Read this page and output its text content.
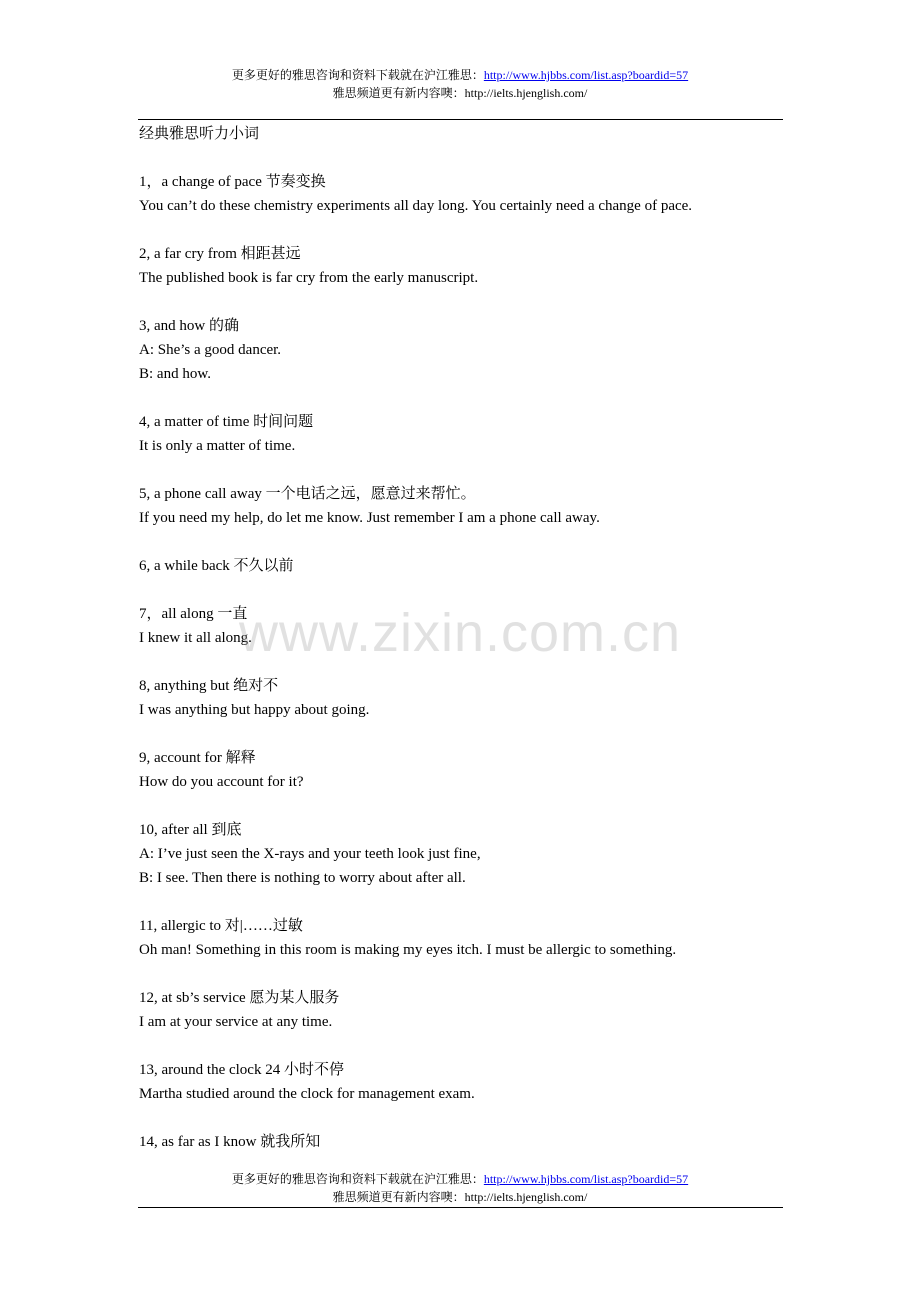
更多更好的雅思咨询和资料下载就在沪江雅思：http://www.hjbbs.com/list.asp?boardid=57
雅思频道更有新内容噢：http://ielts.hjenglish.com/
经典雅思听力小词
1，a change of pace 节奏变换
You can’t do these chemistry experiments all day long. You certainly need a change of pace.
2, a far cry from 相距甚远
The published book is far cry from the early manuscript.
3, and how 的确
A: She’s a good dancer.
B: and how.
4, a matter of time 时间问题
It is only a matter of time.
5, a phone call away 一个电话之远，愿意过来帮忙。
If you need my help, do let me know. Just remember I am a phone call away.
6, a while back 不久以前
7，all along 一直
I knew it all along.
8, anything but 绝对不
I was anything but happy about going.
9, account for 解释
How do you account for it?
10, after all 到底
A: I’ve just seen the X-rays and your teeth look just fine,
B: I see. Then there is nothing to worry about after all.
11, allergic to 对|……过敏
Oh man! Something in this room is making my eyes itch. I must be allergic to something.
12, at sb’s service 愿为某人服务
I am at your service at any time.
13, around the clock 24 小时不停
Martha studied around the clock for management exam.
14, as far as I know 就我所知
www.zixin.com.cn
更多更好的雅思咨询和资料下载就在沪江雅思：http://www.hjbbs.com/list.asp?boardid=57
雅思频道更有新内容噢：http://ielts.hjenglish.com/
